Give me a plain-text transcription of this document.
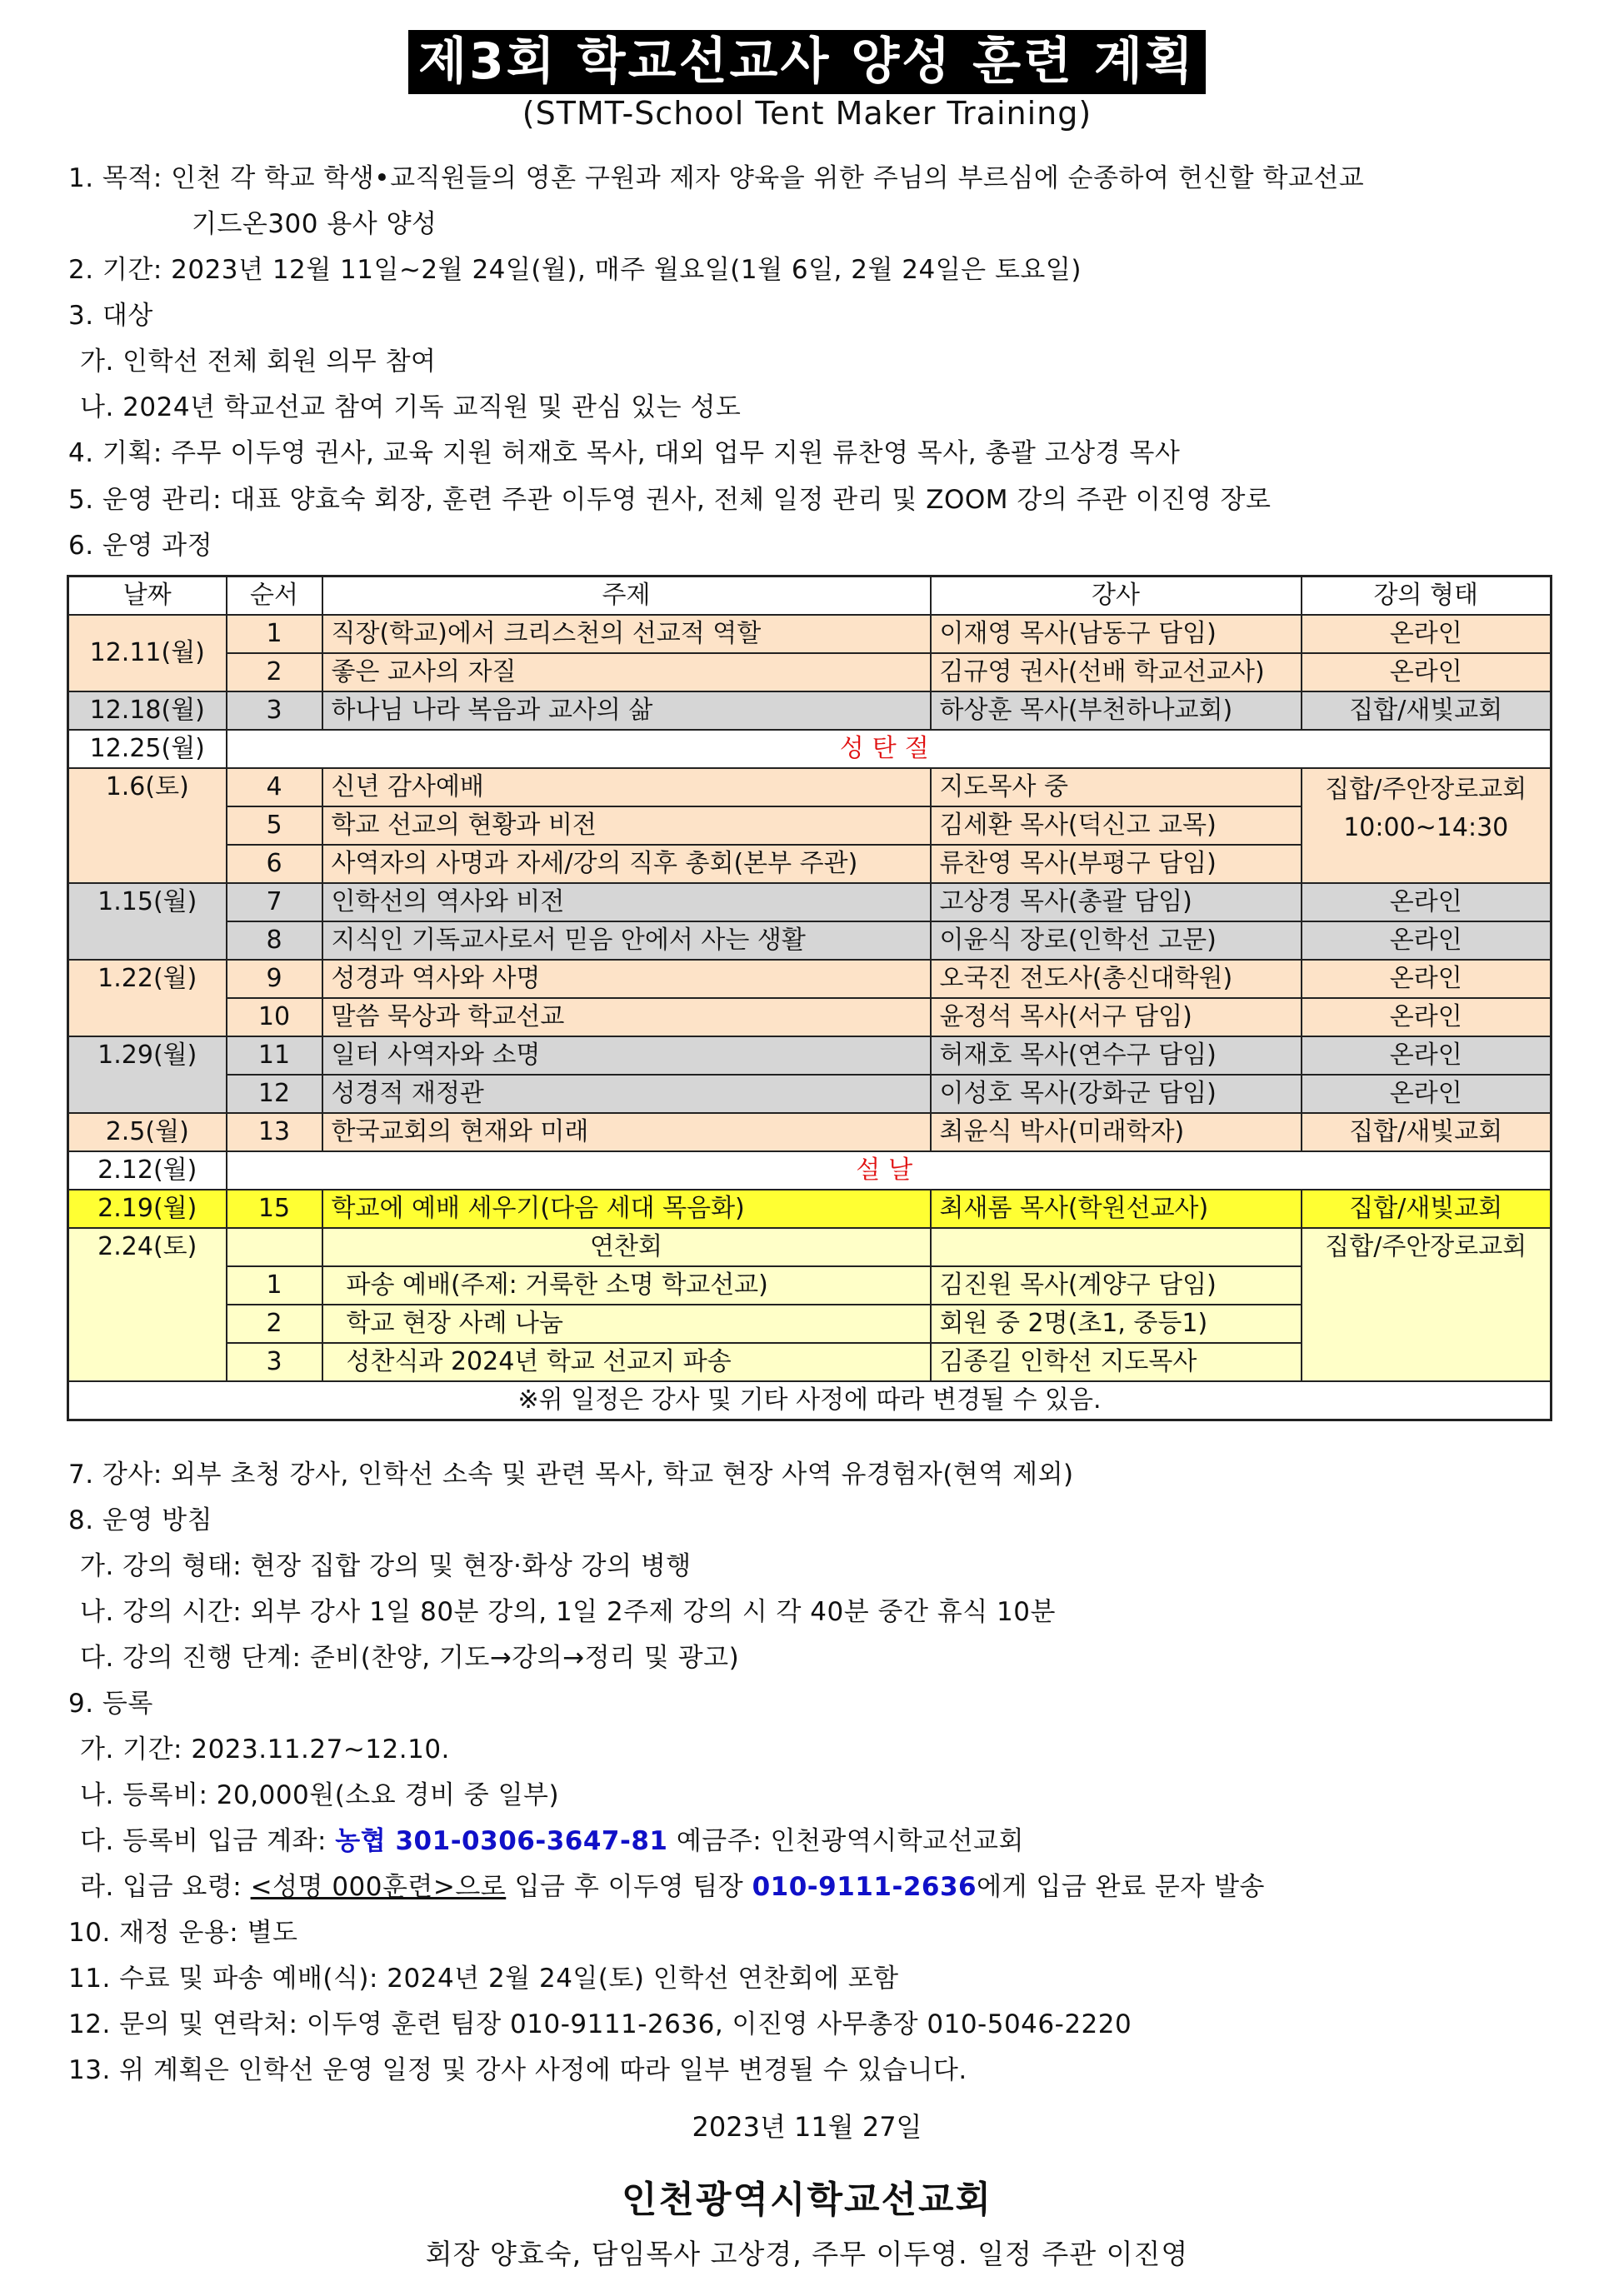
제3회 학교선교사 양성 훈련 계획
(STMT-School Tent Maker Training)
1. 목적: 인천 각 학교 학생•교직원들의 영혼 구원과 제자 양육을 위한 주님의 부르심에 순종하여 헌신할 학교선교
기드온300 용사 양성
2. 기간: 2023년 12월 11일~2월 24일(월), 매주 월요일(1월 6일, 2월 24일은 토요일)
3. 대상
가. 인학선 전체 회원 의무 참여
나. 2024년 학교선교 참여 기독 교직원 및 관심 있는 성도
4. 기획: 주무 이두영 권사, 교육 지원 허재호 목사, 대외 업무 지원 류찬영 목사, 총괄 고상경 목사
5. 운영 관리: 대표 양효숙 회장, 훈련 주관 이두영 권사, 전체 일정 관리 및 ZOOM 강의 주관 이진영 장로
6. 운영 과정
날짜	순서	주제	강사	강의 형태
12.11(월)	1	직장(학교)에서 크리스천의 선교적 역할	이재영 목사(남동구 담임)	온라인
	2	좋은 교사의 자질	김규영 권사(선배 학교선교사)	온라인
12.18(월)	3	하나님 나라 복음과 교사의 삶	하상훈 목사(부천하나교회)	집합/새빛교회
12.25(월)	성탄절			
1.6(토)	4	신년 감사예배	지도목사 중	집합/주안장로교회
10:00~14:30

	5	학교 선교의 현황과 비전	김세환 목사(덕신고 교목)	
	6	사역자의 사명과 자세/강의 직후 총회(본부 주관)	류찬영 목사(부평구 담임)	
1.15(월)	7	인학선의 역사와 비전	고상경 목사(총괄 담임)	온라인
	8	지식인 기독교사로서 믿음 안에서 사는 생활	이윤식 장로(인학선 고문)	온라인
1.22(월)	9	성경과 역사와 사명	오국진 전도사(총신대학원)	온라인
	10	말씀 묵상과 학교선교	윤정석 목사(서구 담임)	온라인
1.29(월)	11	일터 사역자와 소명	허재호 목사(연수구 담임)	온라인
	12	성경적 재정관	이성호 목사(강화군 담임)	온라인
2.5(월)	13	한국교회의 현재와 미래	최윤식 박사(미래학자)	집합/새빛교회
2.12(월)	설날			
2.19(월)	15	학교에 예배 세우기(다음 세대 목음화)	최새롬 목사(학원선교사)	집합/새빛교회
2.24(토)		연찬회		집합/주안장로교회
	1	파송 예배(주제: 거룩한 소명 학교선교)	김진원 목사(계양구 담임)	
	2	학교 현장 사례 나눔	회원 중 2명(초1, 중등1)	
	3	성찬식과 2024년 학교 선교지 파송	김종길 인학선 지도목사	
※위 일정은 강사 및 기타 사정에 따라 변경될 수 있음.				
7. 강사: 외부 초청 강사, 인학선 소속 및 관련 목사, 학교 현장 사역 유경험자(현역 제외)
8. 운영 방침
가. 강의 형태: 현장 집합 강의 및 현장·화상 강의 병행
나. 강의 시간: 외부 강사 1일 80분 강의, 1일 2주제 강의 시 각 40분 중간 휴식 10분
다. 강의 진행 단계: 준비(찬양, 기도→강의→정리 및 광고)
9. 등록
가. 기간: 2023.11.27~12.10.
나. 등록비: 20,000원(소요 경비 중 일부)
다. 등록비 입금 계좌: 농협 301-0306-3647-81 예금주: 인천광역시학교선교회
라. 입금 요령: <성명 000훈련>으로 입금 후 이두영 팀장 010-9111-2636에게 입금 완료 문자 발송
10. 재정 운용: 별도
11. 수료 및 파송 예배(식): 2024년 2월 24일(토) 인학선 연찬회에 포함
12. 문의 및 연락처: 이두영 훈련 팀장 010-9111-2636, 이진영 사무총장 010-5046-2220
13. 위 계획은 인학선 운영 일정 및 강사 사정에 따라 일부 변경될 수 있습니다.
2023년 11월 27일
인천광역시학교선교회
회장 양효숙, 담임목사 고상경, 주무 이두영. 일정 주관 이진영
